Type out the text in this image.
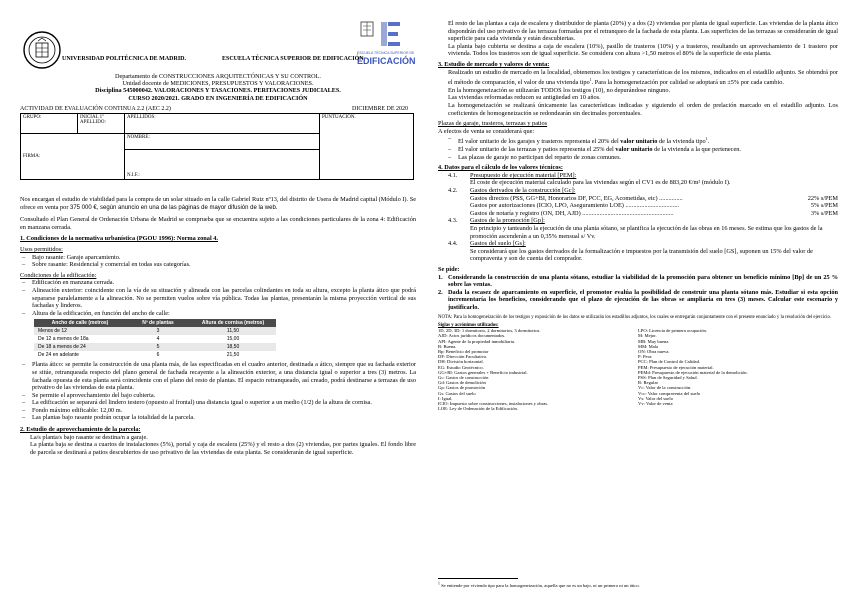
ESCUELA TÉCNICA SUPERIOR DE
EDIFICACIÓN
UNIVERSIDAD POLITÉCNICA DE MADRID.	ESCUELA TÉCNICA SUPERIOR DE EDIFICACIÓN
Departamento de CONSTRUCCIONES ARQUITECTÓNICAS Y SU CONTROL.
Unidad docente de MEDICIONES, PRESUPUESTOS Y VALORACIONES.
Disciplina 545000042. VALORACIONES Y TASACIONES. PERITACIONES JUDICIALES.
CURSO 2020/2021. GRADO EN INGENIERÍA DE EDIFICACIÓN
ACTIVIDAD DE EVALUACIÓN CONTINUA 2.2 (AEC 2.2)	DICIEMBRE DE 2020
GRUPO:	INICIAL 1º APELLIDO:	APELLIDOS:	PUNTUACIÓN.
FIRMA:		NOMBRE:	
		N.I.F.:	

Nos encargan el estudio de viabilidad para la compra de un solar situado en la calle Gabriel Ruiz nº13, del distrito de Usera de Madrid capital (Módulo I). Se ofrece en venta por 375 000 €, según anuncio en una de las páginas de mayor difusión de la web.

Consultado el Plan General de Ordenación Urbana de Madrid se comprueba que se encuentra sujeto a las condiciones particulares de la zona 4: Edificación en manzana cerrada.

1. Condiciones de la normativa urbanística (PGOU 1996): Norma zonal 4.

Usos permitidos:

– Bajo rasante: Garaje aparcamiento.
– Sobre rasante: Residencial y comercial en todas sus categorías.

Condiciones de la edificación:

– Edificación en manzana cerrada.
– Alineación exterior: coincidente con la vía de su situación y alineada con las parcelas colindantes en toda su altura, excepto la planta ático que podrá separarse paralelamente a la alineación. No se permiten vuelos sobre vía pública. Todas las plantas, presentarán la misma proyección vertical de sus fachadas y linderos.
– Altura de la edificación, en función del ancho de calle:
Ancho de calle (metros)	Nº de plantas	Altura de cornisa (metros)
Menos de 12	3	11,50
De 12 a menos de 18a	4	15,00
De 18 a menos de 24	5	18,50
De 24 en adelante	6	21,50
– Planta ático: se permite la construcción de una planta más, de las especificadas en el cuadro anterior, destinada a ático, siempre que su fachada exterior se sitúe, retranqueada respecto del plano general de fachada recayente a la alineación exterior, a una distancia igual o superior a tres (3) metros. La fachada opuesta de esta planta será coincidente con el plano del resto de plantas. El espacio retranqueado, así creado, podrá destinarse a terrazas de uso privativo de las viviendas de esta planta.
– Se permite el aprovechamiento del bajo cubierta.
– La edificación se separará del lindero testero (opuesto al frontal) una distancia igual o superior a un medio (1/2) de la altura de cornisa.
– Fondo máximo edificable: 12,00 m.
– Las plantas bajo rasante podrán ocupar la totalidad de la parcela.

2. Estudio de aprovechamiento de la parcela:

La/s planta/s bajo rasante se destina/n a garaje.

La planta baja se destina a cuartos de instalaciones (5%), portal y caja de escalera (25%) y el resto a dos (2) viviendas, por partes iguales. El fondo libre de parcela se destinará a patios descubiertos de uso privativo de las viviendas de esta planta. Se considerarán de igual superficie.

El resto de las plantas a caja de escalera y distribuidor de planta (20%) y a dos (2) viviendas por planta de igual superficie. Las viviendas de la planta ático dispondrán del uso privativo de las terrazas formadas por el retranqueo de la fachada de esta planta. Las superficies de las terrazas se considerarán de igual superficie para cada vivienda y están descubiertas.

La planta bajo cubierta se destina a caja de escalera (10%), pasillo de trasteros (10%) y a trasteros, resultando un aprovechamiento de 1 trastero por vivienda. Todos los trasteros son de igual superficie. Se considera con altura >1,50 metros el 80% de la superficie de esta planta.

3. Estudio de mercado y valores de venta:

Realizado un estudio de mercado en la localidad, obtenemos los testigos y características de los mismos, indicados en el estadillo adjunto. Se obtendrá por el método de comparación, el valor de una vivienda tipo$^1$. Para la homogeneización por calidad se adoptará un ±5% por cada cambio.

En la homogeneización se utilizarán TODOS los testigos (10), no depurándose ninguno.

Las viviendas reformadas reducen su antigüedad en 10 años.

La homogeneización se realizará únicamente las características indicadas y siguiendo el orden de prelación marcado en el estadillo adjunto. Los coeficientes de homogeneización se redondearán sin decimales porcentuales.

Plazas de garaje, trasteros, terrazas y patios

A efectos de venta se considerará que:

– El valor unitario de los garajes y trasteros representa el 20% del valor unitario de la vivienda tipo$^1$.
– El valor unitario de las terrazas y patios representa el 25% del valor unitario de la vivienda a la que pertenecen.
– Las plazas de garaje no participan del reparto de zonas comunes.

4. Datos para el cálculo de los valores técnicos:

4.1.	Presupuesto de ejecución material [PEM]:
El coste de ejecución material calculado para las viviendas según el CV1 es de 883,20 €/m² (módulo I).
4.2.	Gastos derivados de la construcción [Gc]:
Gastos directos (PSS, GG+BI, Honorarios DF, PCC, EG, Acometidas, etc) ...............	22% s/PEM
Gastos por autorizaciones (ICIO, LPO, Aseguramiento LOE) ..................................	5% s/PEM
Gastos de notaría y registro (ON, DH, AJD) ..........................................................	3% s/PEM
4.3.	Gastos de la promoción [Gp]:
En principio y tanteando la ejecución de una planta sótano, se planifica la ejecución de las obras en 16 meses. Se estima que los gastos de la promoción ascenderán a un 0,35% mensual s/ Vv.
4.4.	Gastos del suelo [Gs]:
Se considerará que los gastos derivados de la formalización e impuestos por la transmisión del suelo [GS], suponen un 15% del valor de compraventa y son de cuenta del comprador.

Se pide:

1. Considerando la construcción de una planta sótano, estudiar la viabilidad de la promoción para obtener un beneficio mínimo [Bp] de un 25 % sobre las ventas.
2. Dada la escasez de aparcamiento en superficie, el promotor evalúa la posibilidad de construir una planta sótano más. Estudiar si esta opción incrementaría los beneficios, considerando que el plazo de ejecución de las obras se ampliaría en tres (3) meses. Calcular este escenario y justificarlo.

NOTA: Para la homogeneización de los testigos y exposición de los datos se utilizarán los estadillos adjuntos, los cuales se entregarán conjuntamente con el presente enunciado y la resolución del ejercicio.

Siglas y acrónimos utilizados:

1D, 2D, 3D: 1 dormitorio, 2 dormitorios, 3 dormitorios.
AJD: Actos jurídicos documentados.
API: Agente de la propiedad inmobiliaria.
B: Buena.
Bp: Beneficio del promotor
DF: Dirección Facultativa.
DH: División horizontal.
EG: Estudio Geotécnico.
GG+BI: Gastos generales + Beneficio industrial.
Gc: Gastos de construcción
Gd: Gastos de demolición
Gp: Gastos de promoción
Gs: Gastos del suelo
I: Igual.
ICIO: Impuesto sobre construcciones, instalaciones y obras.
LOE: Ley de Ordenación de la Edificación.
LPO: Licencia de primera ocupación.
M: Mejor.
MB: Muy buena
MM: Mala
ON: Obra nueva.
P: Peor.
PCC: Plan de Control de Calidad.
PEM: Presupuesto de ejecución material.
PEMd: Presupuesto de ejecución material de la demolición.
PSS: Plan de Seguridad y Salud.
R: Regular
Vc: Valor de la construcción.
Vcc: Valor compraventa del suelo
Vs: Valor del suelo
Vv: Valor de venta
$^1$ Se entiende por vivienda tipo para la homogeneización, aquella que no es un bajo, ni un primero ni un ático.
